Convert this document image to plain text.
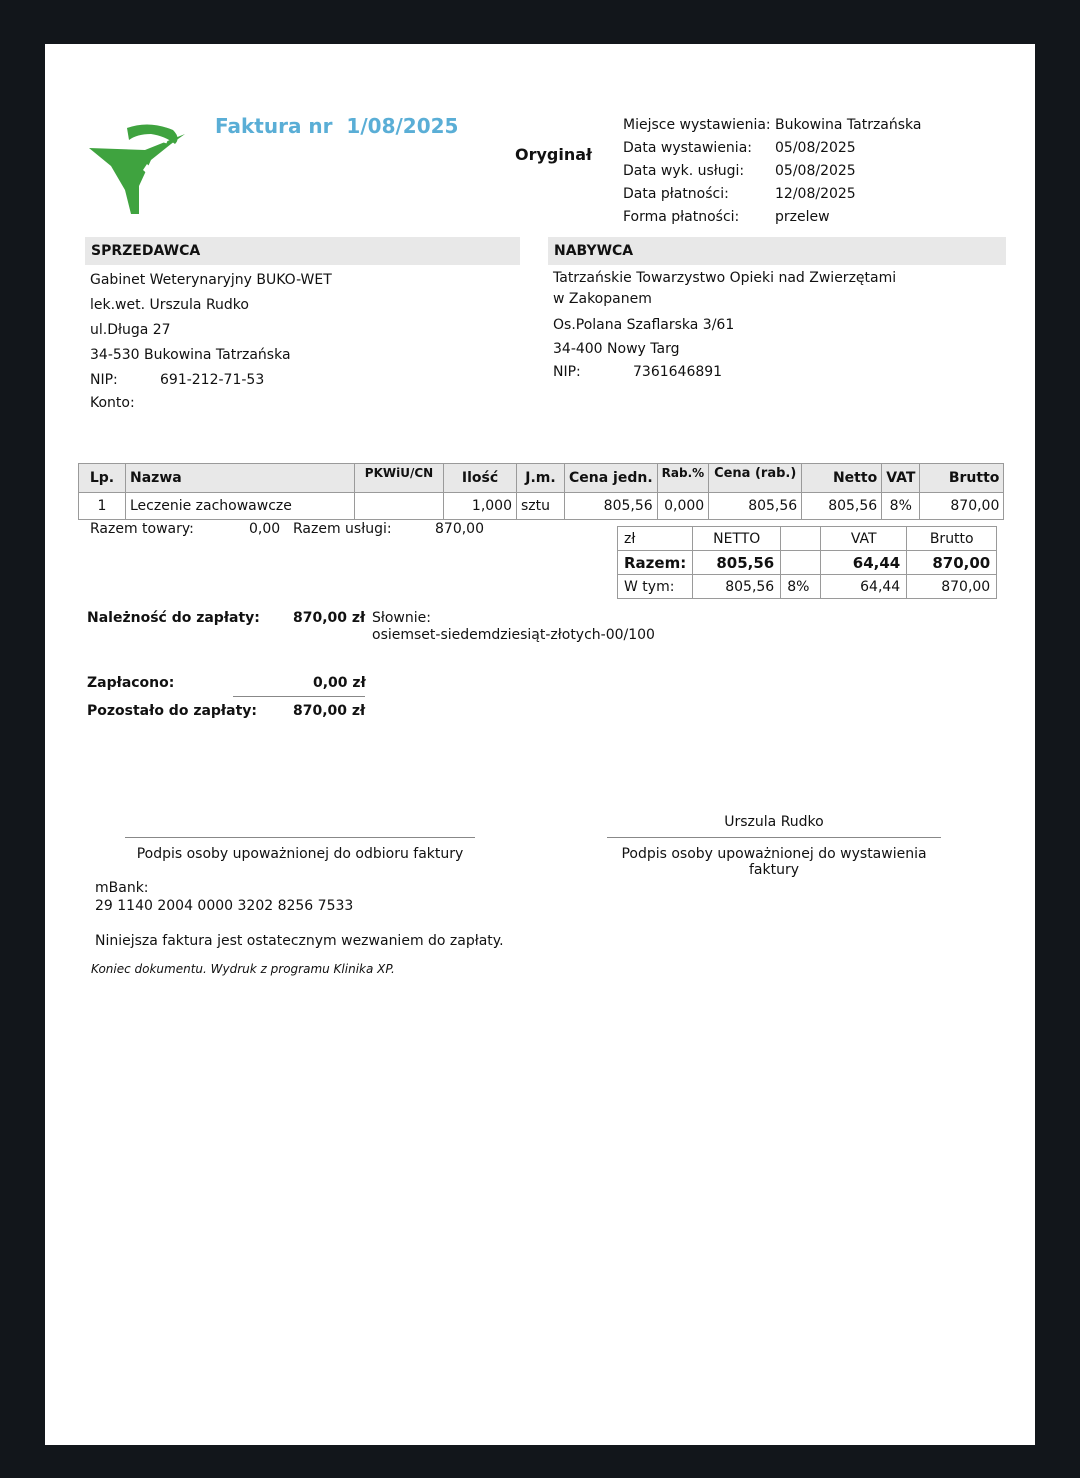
Faktura nr  1/08/2025
Oryginał
Miejsce wystawienia: Bukowina Tatrzańska
Data wystawienia:	05/08/2025
Data wyk. usługi:	05/08/2025
Data płatności:	12/08/2025
Forma płatności:	przelew
SPRZEDAWCA
Gabinet Weterynaryjny BUKO-WET
lek.wet. Urszula Rudko
ul.Długa 27
34-530 Bukowina Tatrzańska
NIP:	691-212-71-53
Konto:
NABYWCA
Tatrzańskie Towarzystwo Opieki nad Zwierzętami
w Zakopanem
Os.Polana Szaflarska 3/61
34-400 Nowy Targ
NIP:	7361646891
Lp.	Nazwa	PKWiU/CN	Ilość	J.m.	Cena jedn.	Rab.%	Cena (rab.)	Netto	VAT	Brutto
1	Leczenie zachowawcze		1,000	sztu	805,56	0,000	805,56	805,56	8%	870,00
Razem towary:	0,00 Razem usługi:	870,00
zł	NETTO		VAT	Brutto
Razem:	805,56		64,44	870,00
W tym:	805,56	8%	64,44	870,00
Należność do zapłaty: 870,00 zł Słownie:
osiemset-siedemdziesiąt-złotych-00/100
Zapłacono:	0,00 zł
Pozostało do zapłaty:	870,00 zł
Urszula Rudko
Podpis osoby upoważnionej do odbioru faktury	Podpis osoby upoważnionej do wystawienia
faktury
mBank:
29 1140 2004 0000 3202 8256 7533
Niniejsza faktura jest ostatecznym wezwaniem do zapłaty.
Koniec dokumentu. Wydruk z programu Klinika XP.
